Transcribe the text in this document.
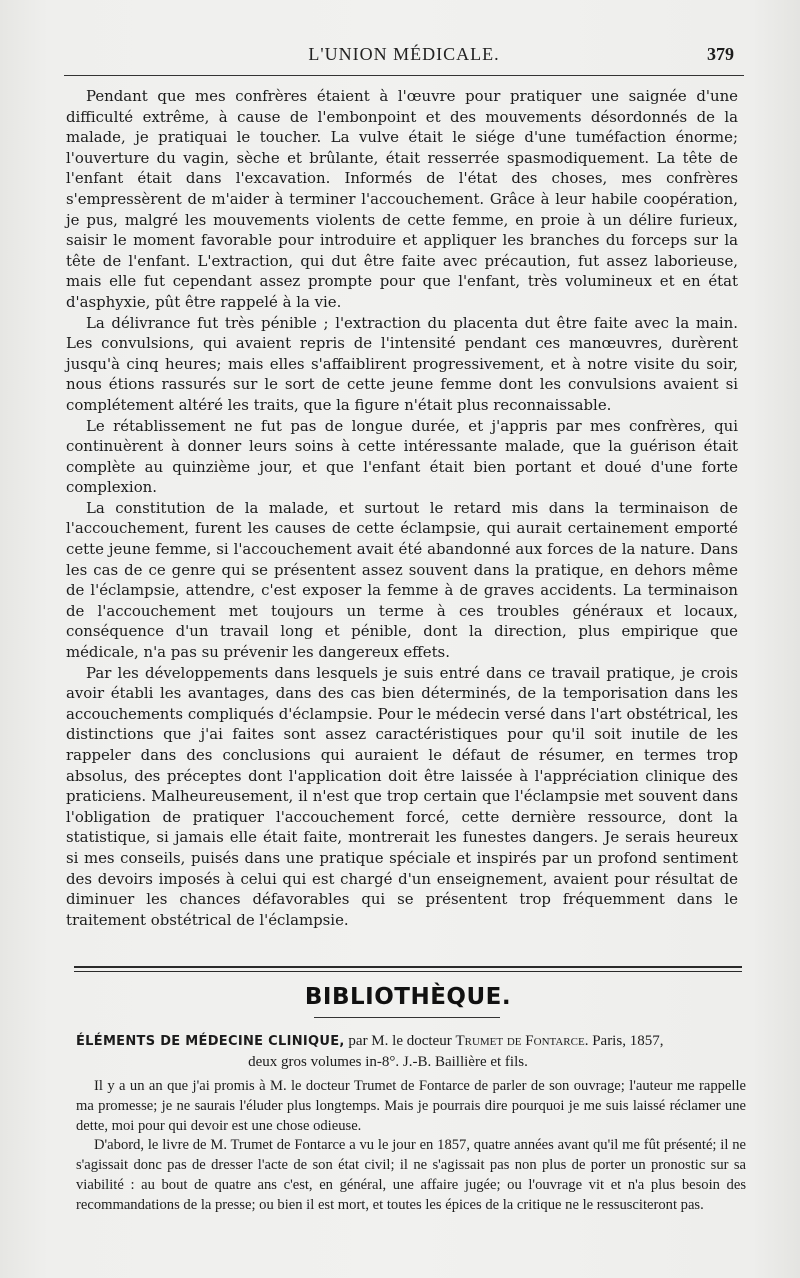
L'UNION MÉDICALE.	379

Pendant que mes confrères étaient à l'œuvre pour pratiquer une saignée d'une difficulté extrême, à cause de l'embonpoint et des mouvements désordonnés de la malade, je pratiquai le toucher. La vulve était le siége d'une tuméfaction énorme; l'ouverture du vagin, sèche et brûlante, était resserrée spasmodiquement. La tête de l'enfant était dans l'excavation. Informés de l'état des choses, mes confrères s'empressèrent de m'aider à terminer l'accouchement. Grâce à leur habile coopération, je pus, malgré les mouvements violents de cette femme, en proie à un délire furieux, saisir le moment favorable pour introduire et appliquer les branches du forceps sur la tête de l'enfant. L'extraction, qui dut être faite avec précaution, fut assez laborieuse, mais elle fut cependant assez prompte pour que l'enfant, très volumineux et en état d'asphyxie, pût être rappelé à la vie.

La délivrance fut très pénible ; l'extraction du placenta dut être faite avec la main. Les convulsions, qui avaient repris de l'intensité pendant ces manœuvres, durèrent jusqu'à cinq heures; mais elles s'affaiblirent progressivement, et à notre visite du soir, nous étions rassurés sur le sort de cette jeune femme dont les convulsions avaient si complétement altéré les traits, que la figure n'était plus reconnaissable.

Le rétablissement ne fut pas de longue durée, et j'appris par mes confrères, qui continuèrent à donner leurs soins à cette intéressante malade, que la guérison était complète au quinzième jour, et que l'enfant était bien portant et doué d'une forte complexion.

La constitution de la malade, et surtout le retard mis dans la terminaison de l'accouchement, furent les causes de cette éclampsie, qui aurait certainement emporté cette jeune femme, si l'accouchement avait été abandonné aux forces de la nature. Dans les cas de ce genre qui se présentent assez souvent dans la pratique, en dehors même de l'éclampsie, attendre, c'est exposer la femme à de graves accidents. La terminaison de l'accouchement met toujours un terme à ces troubles généraux et locaux, conséquence d'un travail long et pénible, dont la direction, plus empirique que médicale, n'a pas su prévenir les dangereux effets.

Par les développements dans lesquels je suis entré dans ce travail pratique, je crois avoir établi les avantages, dans des cas bien déterminés, de la temporisation dans les accouchements compliqués d'éclampsie. Pour le médecin versé dans l'art obstétrical, les distinctions que j'ai faites sont assez caractéristiques pour qu'il soit inutile de les rappeler dans des conclusions qui auraient le défaut de résumer, en termes trop absolus, des préceptes dont l'application doit être laissée à l'appréciation clinique des praticiens. Malheureusement, il n'est que trop certain que l'éclampsie met souvent dans l'obligation de pratiquer l'accouchement forcé, cette dernière ressource, dont la statistique, si jamais elle était faite, montrerait les funestes dangers. Je serais heureux si mes conseils, puisés dans une pratique spéciale et inspirés par un profond sentiment des devoirs imposés à celui qui est chargé d'un enseignement, avaient pour résultat de diminuer les chances défavorables qui se présentent trop fréquemment dans le traitement obstétrical de l'éclampsie.

BIBLIOTHÈQUE.
ÉLÉMENTS DE MÉDECINE CLINIQUE, par M. le docteur Trumet de Fontarce. Paris, 1857,
deux gros volumes in-8°. J.-B. Baillière et fils.

Il y a un an que j'ai promis à M. le docteur Trumet de Fontarce de parler de son ouvrage; l'auteur me rappelle ma promesse; je ne saurais l'éluder plus longtemps. Mais je pourrais dire pourquoi je me suis laissé réclamer une dette, moi pour qui devoir est une chose odieuse.

D'abord, le livre de M. Trumet de Fontarce a vu le jour en 1857, quatre années avant qu'il me fût présenté; il ne s'agissait donc pas de dresser l'acte de son état civil; il ne s'agissait pas non plus de porter un pronostic sur sa viabilité : au bout de quatre ans c'est, en général, une affaire jugée; ou l'ouvrage vit et n'a plus besoin des recommandations de la presse; ou bien il est mort, et toutes les épices de la critique ne le ressusciteront pas.
